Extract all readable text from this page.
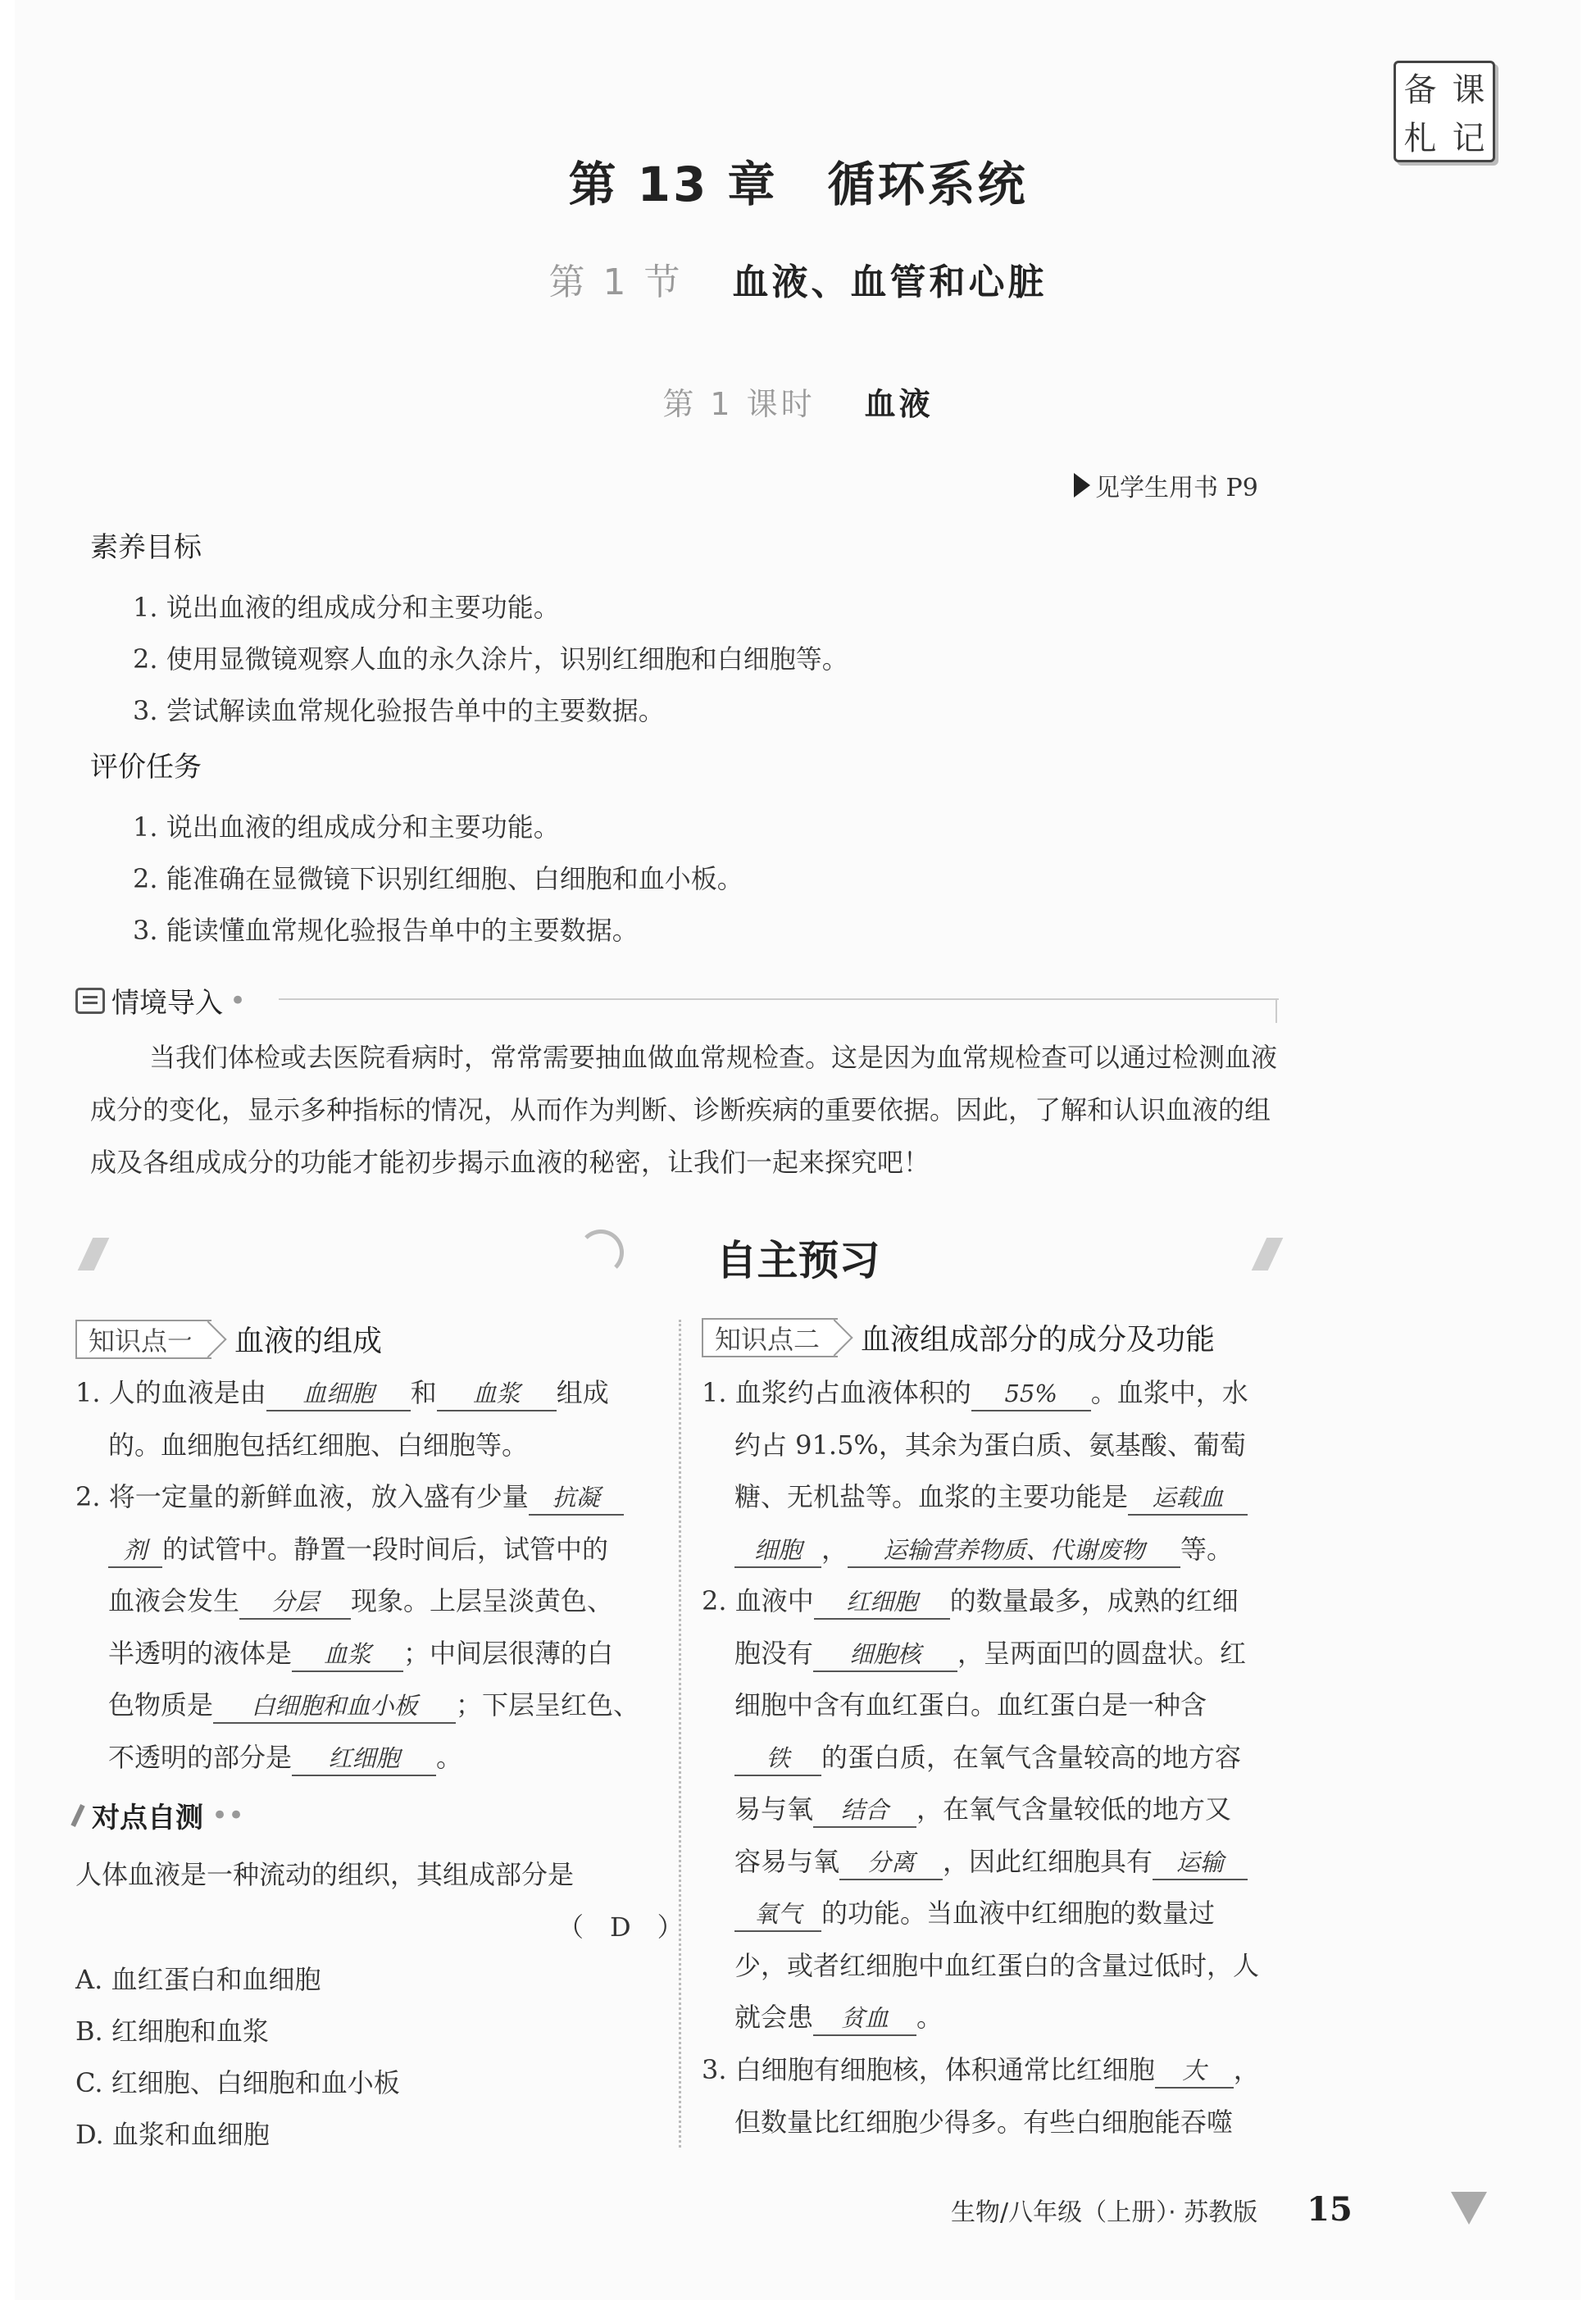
备 课
札 记
第 13 章　循环系统
第 1 节 血液、血管和心脏
第 1 课时 血液
见学生用书 P9
素养目标
1. 说出血液的组成成分和主要功能。
2. 使用显微镜观察人血的永久涂片，识别红细胞和白细胞等。
3. 尝试解读血常规化验报告单中的主要数据。
评价任务
1. 说出血液的组成成分和主要功能。
2. 能准确在显微镜下识别红细胞、白细胞和血小板。
3. 能读懂血常规化验报告单中的主要数据。
情境导入 •
当我们体检或去医院看病时，常常需要抽血做血常规检查。这是因为血常规检查可以通过检测血液成分的变化，显示多种指标的情况，从而作为判断、诊断疾病的重要依据。因此，了解和认识血液的组成及各组成成分的功能才能初步揭示血液的秘密，让我们一起来探究吧！
自主预习
知识点一	血液的组成
1. 人的血液是由 血细胞 和 血浆 组成
的。血细胞包括红细胞、白细胞等。
2. 将一定量的新鲜血液，放入盛有少量 抗凝
剂 的试管中。静置一段时间后，试管中的
血液会发生 分层 现象。上层呈淡黄色、
半透明的液体是 血浆 ；中间层很薄的白
色物质是 白细胞和血小板 ；下层呈红色、
不透明的部分是 红细胞 。
对点自测 ••
人体血液是一种流动的组织，其组成部分是
（　D　）
A. 血红蛋白和血细胞
B. 红细胞和血浆
C. 红细胞、白细胞和血小板
D. 血浆和血细胞
知识点二	血液组成部分的成分及功能
1. 血浆约占血液体积的 55% 。血浆中，水
约占 91.5%，其余为蛋白质、氨基酸、葡萄
糖、无机盐等。血浆的主要功能是 运载血
细胞 ， 运输营养物质、代谢废物 等。
2. 血液中 红细胞 的数量最多，成熟的红细
胞没有 细胞核 ，呈两面凹的圆盘状。红
细胞中含有血红蛋白。血红蛋白是一种含
铁 的蛋白质，在氧气含量较高的地方容
易与氧 结合 ，在氧气含量较低的地方又
容易与氧 分离 ，因此红细胞具有 运输
氧气 的功能。当血液中红细胞的数量过
少，或者红细胞中血红蛋白的含量过低时，人
就会患 贫血 。
3. 白细胞有细胞核，体积通常比红细胞 大 ，
但数量比红细胞少得多。有些白细胞能吞噬
生物/八年级（上册）· 苏教版 15
